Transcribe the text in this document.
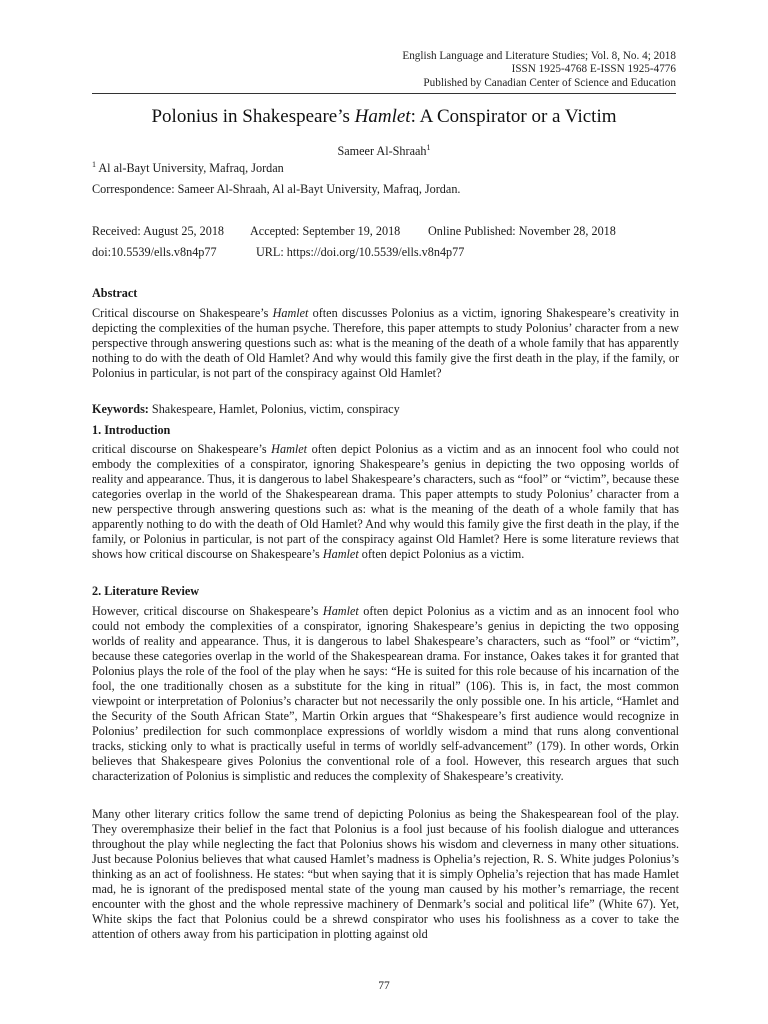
English Language and Literature Studies; Vol. 8, No. 4; 2018
ISSN 1925-4768 E-ISSN 1925-4776
Published by Canadian Center of Science and Education
Polonius in Shakespeare’s Hamlet: A Conspirator or a Victim
Sameer Al-Shraah$^1$
$^1$ Al al-Bayt University, Mafraq, Jordan
Correspondence: Sameer Al-Shraah, Al al-Bayt University, Mafraq, Jordan.
Received: August 25, 2018 Accepted: September 19, 2018 Online Published: November 28, 2018
doi:10.5539/ells.v8n4p77	URL: https://doi.org/10.5539/ells.v8n4p77
Abstract
Critical discourse on Shakespeare’s Hamlet often discusses Polonius as a victim, ignoring Shakespeare’s creativity in depicting the complexities of the human psyche. Therefore, this paper attempts to study Polonius’ character from a new perspective through answering questions such as: what is the meaning of the death of a whole family that has apparently nothing to do with the death of Old Hamlet? And why would this family give the first death in the play, if the family, or Polonius in particular, is not part of the conspiracy against Old Hamlet?
Keywords: Shakespeare, Hamlet, Polonius, victim, conspiracy
1. Introduction
critical discourse on Shakespeare’s Hamlet often depict Polonius as a victim and as an innocent fool who could not embody the complexities of a conspirator, ignoring Shakespeare’s genius in depicting the two opposing worlds of reality and appearance. Thus, it is dangerous to label Shakespeare’s characters, such as “fool” or “victim”, because these categories overlap in the world of the Shakespearean drama. This paper attempts to study Polonius’ character from a new perspective through answering questions such as: what is the meaning of the death of a whole family that has apparently nothing to do with the death of Old Hamlet? And why would this family give the first death in the play, if the family, or Polonius in particular, is not part of the conspiracy against Old Hamlet? Here is some literature reviews that shows how critical discourse on Shakespeare’s Hamlet often depict Polonius as a victim.
2. Literature Review
However, critical discourse on Shakespeare’s Hamlet often depict Polonius as a victim and as an innocent fool who could not embody the complexities of a conspirator, ignoring Shakespeare’s genius in depicting the two opposing worlds of reality and appearance. Thus, it is dangerous to label Shakespeare’s characters, such as “fool” or “victim”, because these categories overlap in the world of the Shakespearean drama. For instance, Oakes takes it for granted that Polonius plays the role of the fool of the play when he says: “He is suited for this role because of his incarnation of the fool, the one traditionally chosen as a substitute for the king in ritual” (106). This is, in fact, the most common viewpoint or interpretation of Polonius’s character but not necessarily the only possible one. In his article, “Hamlet and the Security of the South African State”, Martin Orkin argues that “Shakespeare’s first audience would recognize in Polonius’ predilection for such commonplace expressions of worldly wisdom a mind that runs along conventional tracks, sticking only to what is practically useful in terms of worldly self-advancement” (179). In other words, Orkin believes that Shakespeare gives Polonius the conventional role of a fool. However, this research argues that such characterization of Polonius is simplistic and reduces the complexity of Shakespeare’s creativity.
Many other literary critics follow the same trend of depicting Polonius as being the Shakespearean fool of the play. They overemphasize their belief in the fact that Polonius is a fool just because of his foolish dialogue and utterances throughout the play while neglecting the fact that Polonius shows his wisdom and cleverness in many other situations. Just because Polonius believes that what caused Hamlet’s madness is Ophelia’s rejection, R. S. White judges Polonius’s thinking as an act of foolishness. He states: “but when saying that it is simply Ophelia’s rejection that has made Hamlet mad, he is ignorant of the predisposed mental state of the young man caused by his mother’s remarriage, the recent encounter with the ghost and the whole repressive machinery of Denmark’s social and political life” (White 67). Yet, White skips the fact that Polonius could be a shrewd conspirator who uses his foolishness as a cover to take the attention of others away from his participation in plotting against old
77
